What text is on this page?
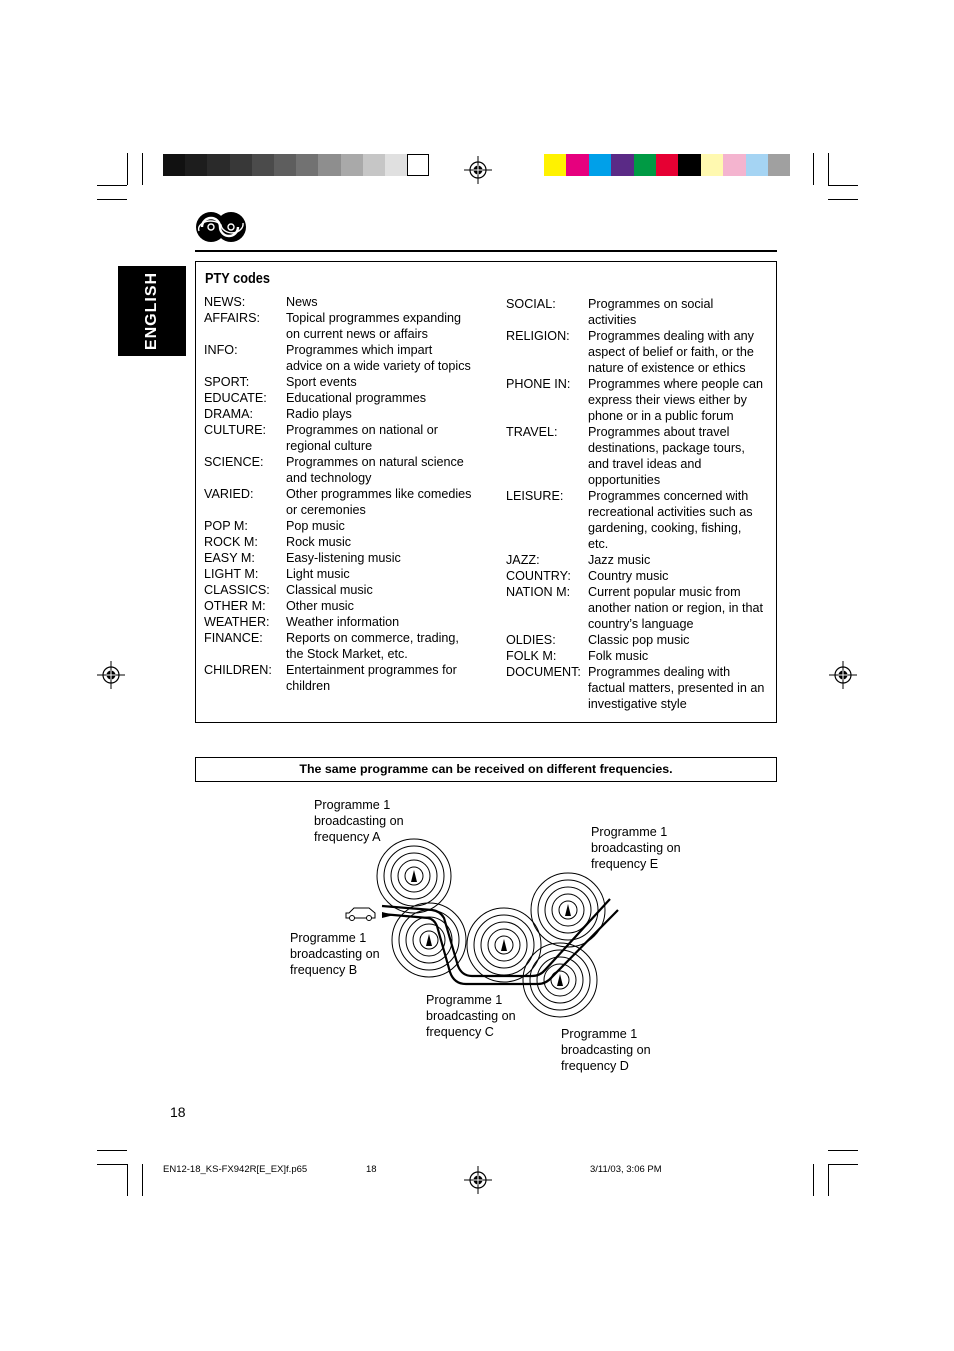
ENGLISH	PTY codes
NEWS:	News
AFFAIRS:	Topical programmes expanding
on current news or affairs
INFO:	Programmes which impart
advice on a wide variety of topics
SPORT:	Sport events
EDUCATE:	Educational programmes
DRAMA:	Radio plays
CULTURE:	Programmes on national or
regional culture
SCIENCE:	Programmes on natural science
and technology
VARIED:	Other programmes like comedies
or ceremonies
POP M:	Pop music
ROCK M:	Rock music
EASY M:	Easy-listening music
LIGHT M:	Light music
CLASSICS:	Classical music
OTHER M:	Other music
WEATHER:	Weather information
FINANCE:	Reports on commerce, trading,
the Stock Market, etc.
CHILDREN:	Entertainment programmes for
children
SOCIAL:	Programmes on social
activities
RELIGION:	Programmes dealing with any
aspect of belief or faith, or the
nature of existence or ethics
PHONE IN:	Programmes where people can
express their views either by
phone or in a public forum
TRAVEL:	Programmes about travel
destinations, package tours,
and travel ideas and
opportunities
LEISURE:	Programmes concerned with
recreational activities such as
gardening, cooking, fishing,
etc.
JAZZ:	Jazz music
COUNTRY:	Country music
NATION M:	Current popular music from
another nation or region, in that
country’s language
OLDIES:	Classic pop music
FOLK M:	Folk music
DOCUMENT: Programmes dealing with
factual matters, presented in an
investigative style
The same programme can be received on different frequencies.
Programme 1
broadcasting on
frequency A	Programme 1
broadcasting on
frequency E
Programme 1
broadcasting on
frequency B
Programme 1
broadcasting on
frequency C	Programme 1
broadcasting on
frequency D
18
EN12-18_KS-FX942R[E_EX]f.p65	18	3/11/03, 3:06 PM
